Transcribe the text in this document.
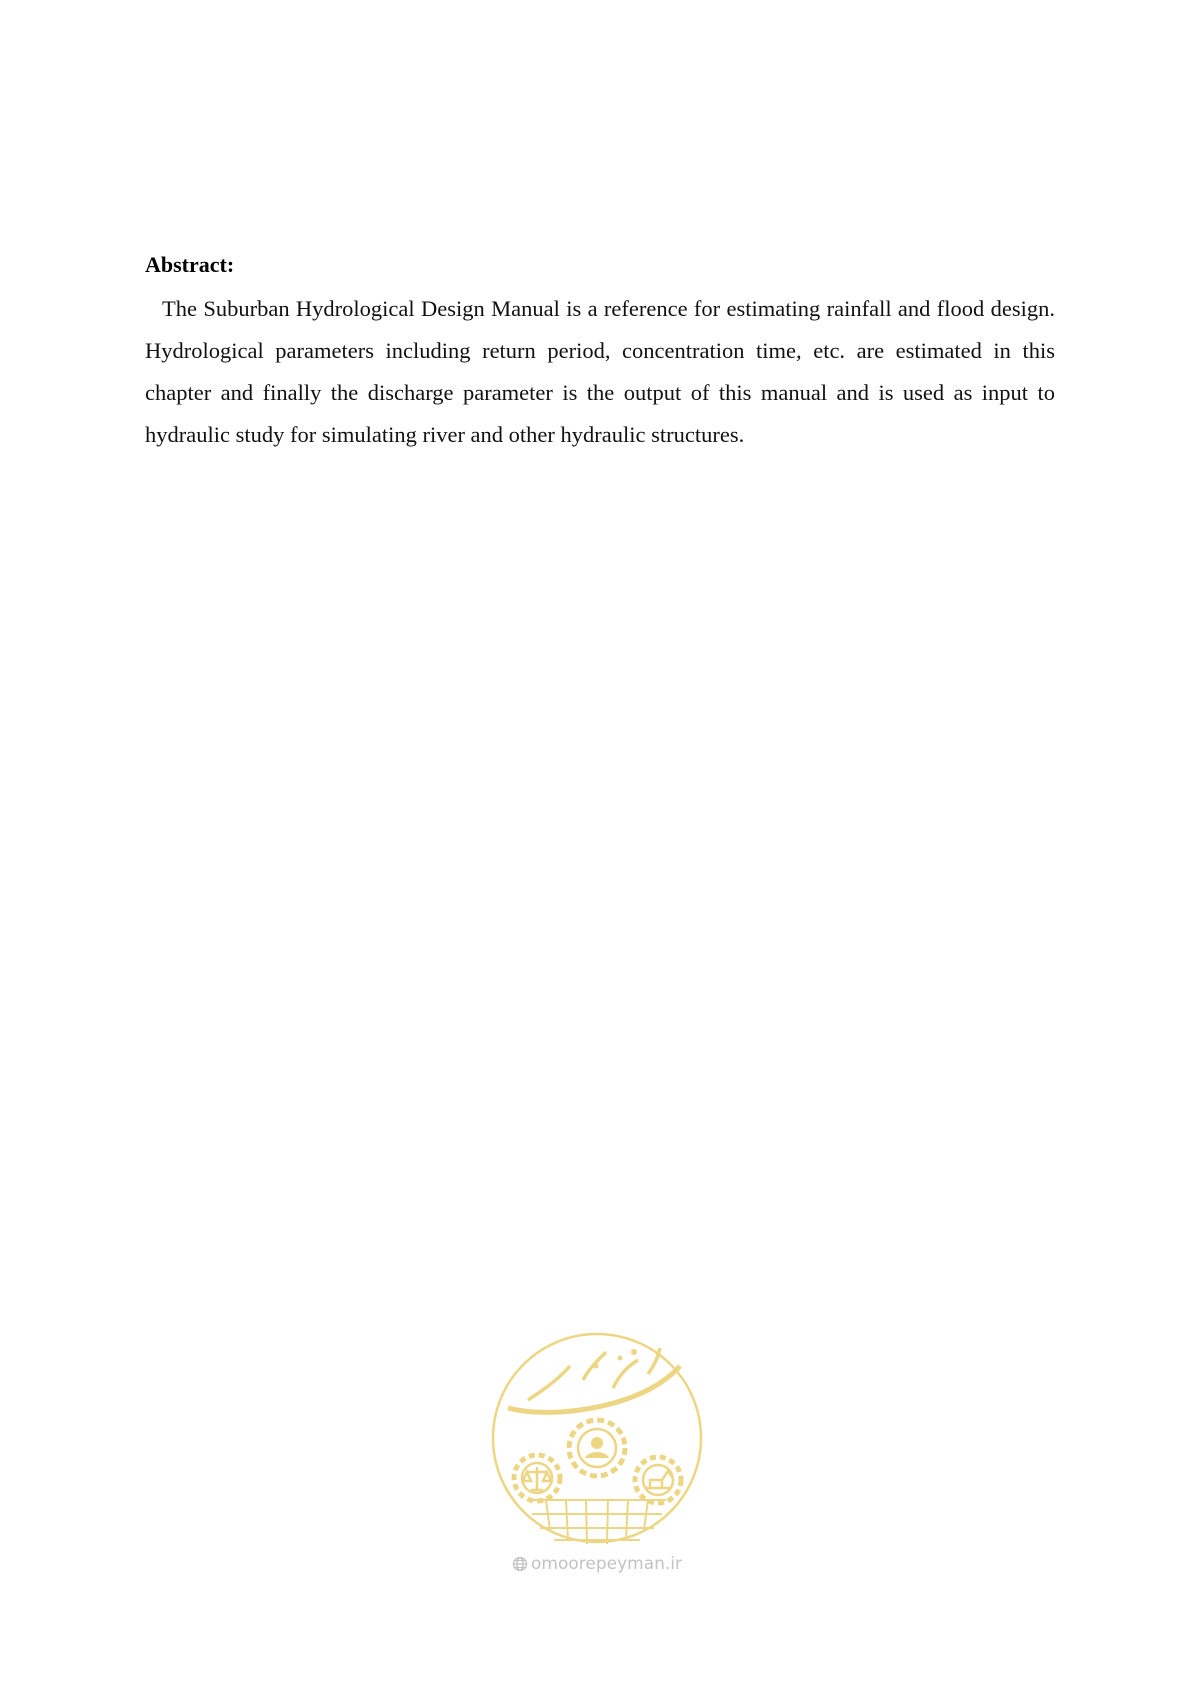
Abstract:

The Suburban Hydrological Design Manual is a reference for estimating rainfall and flood design. Hydrological parameters including return period, concentration time, etc. are estimated in this chapter and finally the discharge parameter is the output of this manual and is used as input to hydraulic study for simulating river and other hydraulic structures.

omoorepeyman.ir
